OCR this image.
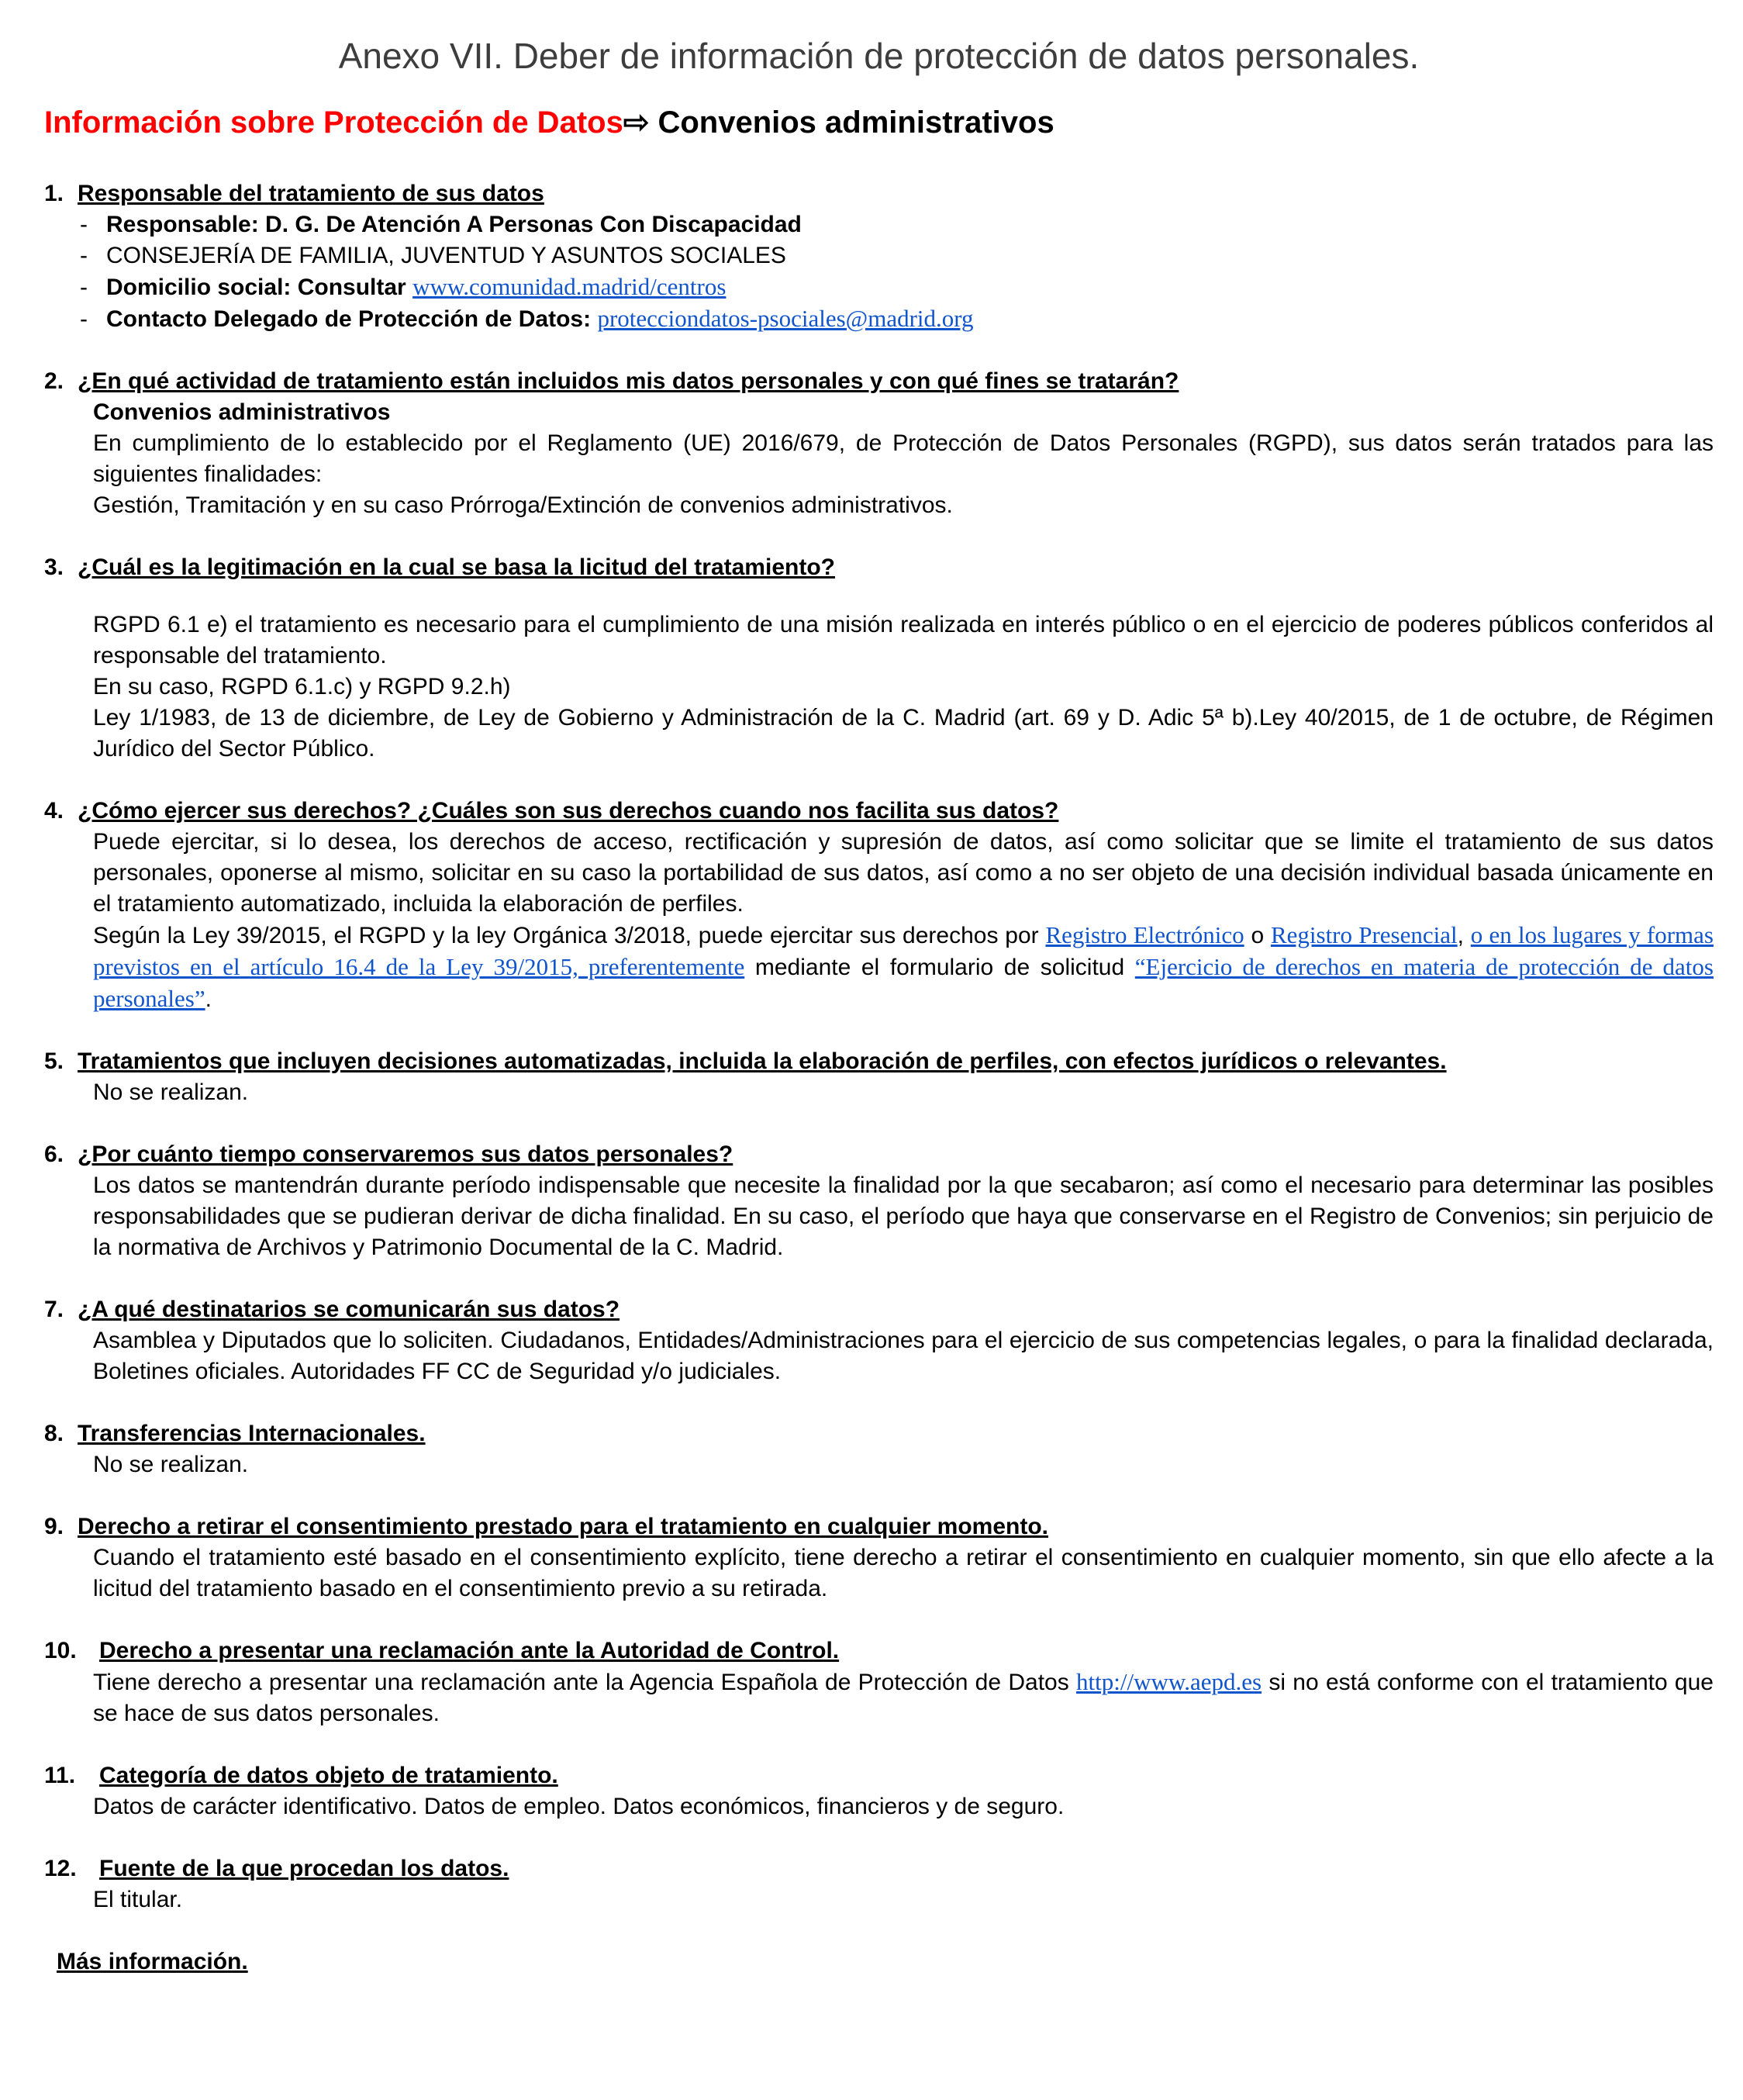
Anexo VII. Deber de información de protección de datos personales.
Información sobre Protección de Datos⇨ Convenios administrativos
1. Responsable del tratamiento de sus datos
- Responsable: D. G. De Atención A Personas Con Discapacidad
- CONSEJERÍA DE FAMILIA, JUVENTUD Y ASUNTOS SOCIALES
- Domicilio social: Consultar www.comunidad.madrid/centros
- Contacto Delegado de Protección de Datos: protecciondatos-psociales@madrid.org
2. ¿En qué actividad de tratamiento están incluidos mis datos personales y con qué fines se tratarán?

Convenios administrativos

En cumplimiento de lo establecido por el Reglamento (UE) 2016/679, de Protección de Datos Personales (RGPD), sus datos serán tratados para las siguientes finalidades:

Gestión, Tramitación y en su caso Prórroga/Extinción de convenios administrativos.

3. ¿Cuál es la legitimación en la cual se basa la licitud del tratamiento?

RGPD 6.1 e) el tratamiento es necesario para el cumplimiento de una misión realizada en interés público o en el ejercicio de poderes públicos conferidos al responsable del tratamiento.

En su caso, RGPD 6.1.c) y RGPD 9.2.h)

Ley 1/1983, de 13 de diciembre, de Ley de Gobierno y Administración de la C. Madrid (art. 69 y D. Adic 5ª b).Ley 40/2015, de 1 de octubre, de Régimen Jurídico del Sector Público.

4. ¿Cómo ejercer sus derechos? ¿Cuáles son sus derechos cuando nos facilita sus datos?

Puede ejercitar, si lo desea, los derechos de acceso, rectificación y supresión de datos, así como solicitar que se limite el tratamiento de sus datos personales, oponerse al mismo, solicitar en su caso la portabilidad de sus datos, así como a no ser objeto de una decisión individual basada únicamente en el tratamiento automatizado, incluida la elaboración de perfiles.

Según la Ley 39/2015, el RGPD y la ley Orgánica 3/2018, puede ejercitar sus derechos por Registro Electrónico o Registro Presencial, o en los lugares y formas previstos en el artículo 16.4 de la Ley 39/2015, preferentemente mediante el formulario de solicitud “Ejercicio de derechos en materia de protección de datos personales”.

5. Tratamientos que incluyen decisiones automatizadas, incluida la elaboración de perfiles, con efectos jurídicos o relevantes.

No se realizan.

6. ¿Por cuánto tiempo conservaremos sus datos personales?

Los datos se mantendrán durante período indispensable que necesite la finalidad por la que secabaron; así como el necesario para determinar las posibles responsabilidades que se pudieran derivar de dicha finalidad. En su caso, el período que haya que conservarse en el Registro de Convenios; sin perjuicio de la normativa de Archivos y Patrimonio Documental de la C. Madrid.

7. ¿A qué destinatarios se comunicarán sus datos?

Asamblea y Diputados que lo soliciten. Ciudadanos, Entidades/Administraciones para el ejercicio de sus competencias legales, o para la finalidad declarada, Boletines oficiales. Autoridades FF CC de Seguridad y/o judiciales.

8. Transferencias Internacionales.

No se realizan.

9. Derecho a retirar el consentimiento prestado para el tratamiento en cualquier momento.

Cuando el tratamiento esté basado en el consentimiento explícito, tiene derecho a retirar el consentimiento en cualquier momento, sin que ello afecte a la licitud del tratamiento basado en el consentimiento previo a su retirada.

10. Derecho a presentar una reclamación ante la Autoridad de Control.

Tiene derecho a presentar una reclamación ante la Agencia Española de Protección de Datos http://www.aepd.es si no está conforme con el tratamiento que se hace de sus datos personales.

11.	Categoría de datos objeto de tratamiento.

Datos de carácter identificativo. Datos de empleo. Datos económicos, financieros y de seguro.

12. Fuente de la que procedan los datos.

El titular.

Más información.
